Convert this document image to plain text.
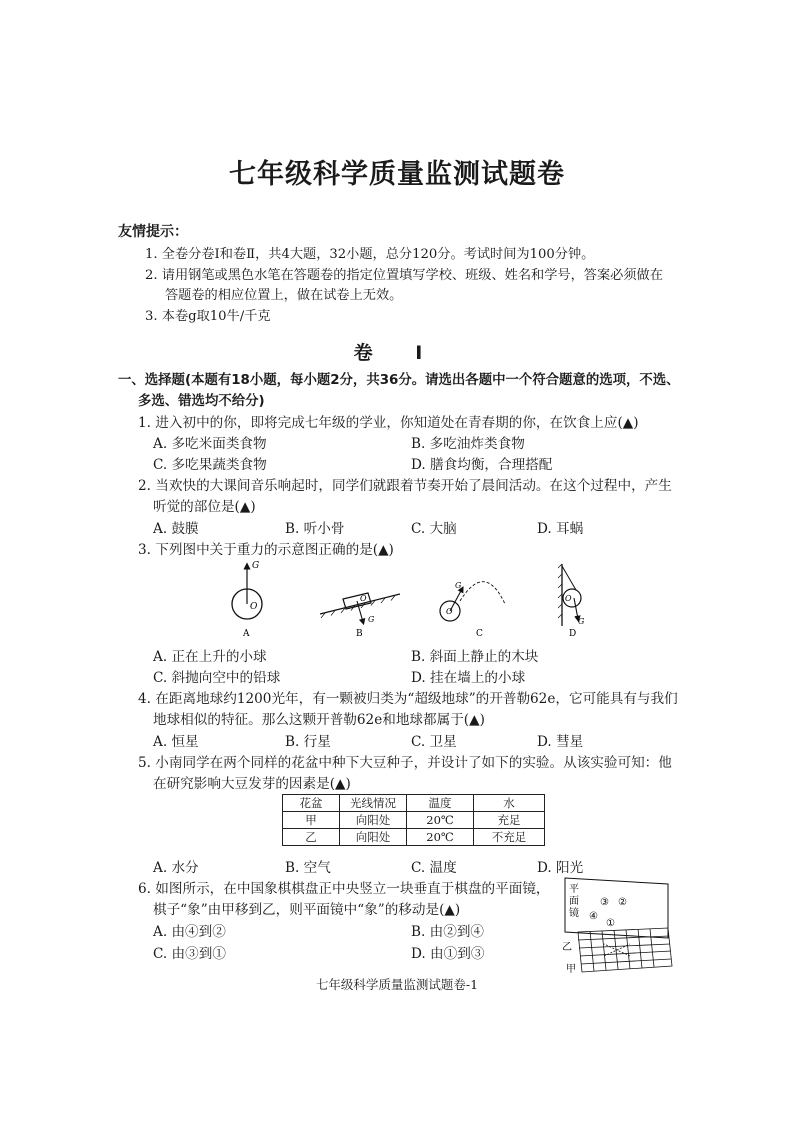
七年级科学质量监测试题卷
友情提示：
1. 全卷分卷Ⅰ和卷Ⅱ，共4大题，32小题，总分120分。考试时间为100分钟。
2. 请用钢笔或黑色水笔在答题卷的指定位置填写学校、班级、姓名和学号，答案必须做在
答题卷的相应位置上，做在试卷上无效。
3. 本卷g取10牛/千克
卷 Ⅰ
一、选择题(本题有18小题，每小题2分，共36分。请选出各题中一个符合题意的选项，不选、
多选、错选均不给分)
1. 进入初中的你，即将完成七年级的学业，你知道处在青春期的你，在饮食上应(▲)
A. 多吃米面类食物	B. 多吃油炸类食物
C. 多吃果蔬类食物	D. 膳食均衡，合理搭配
2. 当欢快的大课间音乐响起时，同学们就跟着节奏开始了晨间活动。在这个过程中，产生
听觉的部位是(▲)
A. 鼓膜	B. 听小骨	C. 大脑	D. 耳蜗
3. 下列图中关于重力的示意图正确的是(▲)
G
O
A
O
G
B
G
O
C
O
G
D
A. 正在上升的小球	B. 斜面上静止的木块
C. 斜抛向空中的铅球	D. 挂在墙上的小球
4. 在距离地球约1200光年，有一颗被归类为“超级地球”的开普勒62e，它可能具有与我们
地球相似的特征。那么这颗开普勒62e和地球都属于(▲)
A. 恒星	B. 行星	C. 卫星	D. 彗星
5. 小南同学在两个同样的花盆中种下大豆种子，并设计了如下的实验。从该实验可知：他
在研究影响大豆发芽的因素是(▲)
花盆	光线情况	温度	水
甲	向阳处	20℃	充足
乙	向阳处	20℃	不充足
A. 水分	B. 空气	C. 温度	D. 阳光
6. 如图所示，在中国象棋棋盘正中央竖立一块垂直于棋盘的平面镜，
棋子“象”由甲移到乙，则平面镜中“象”的移动是(▲)
A. 由④到②	B. 由②到④
C. 由③到①	D. 由①到③
平
面
镜
③ ②
④
①
乙
甲
七年级科学质量监测试题卷-1
